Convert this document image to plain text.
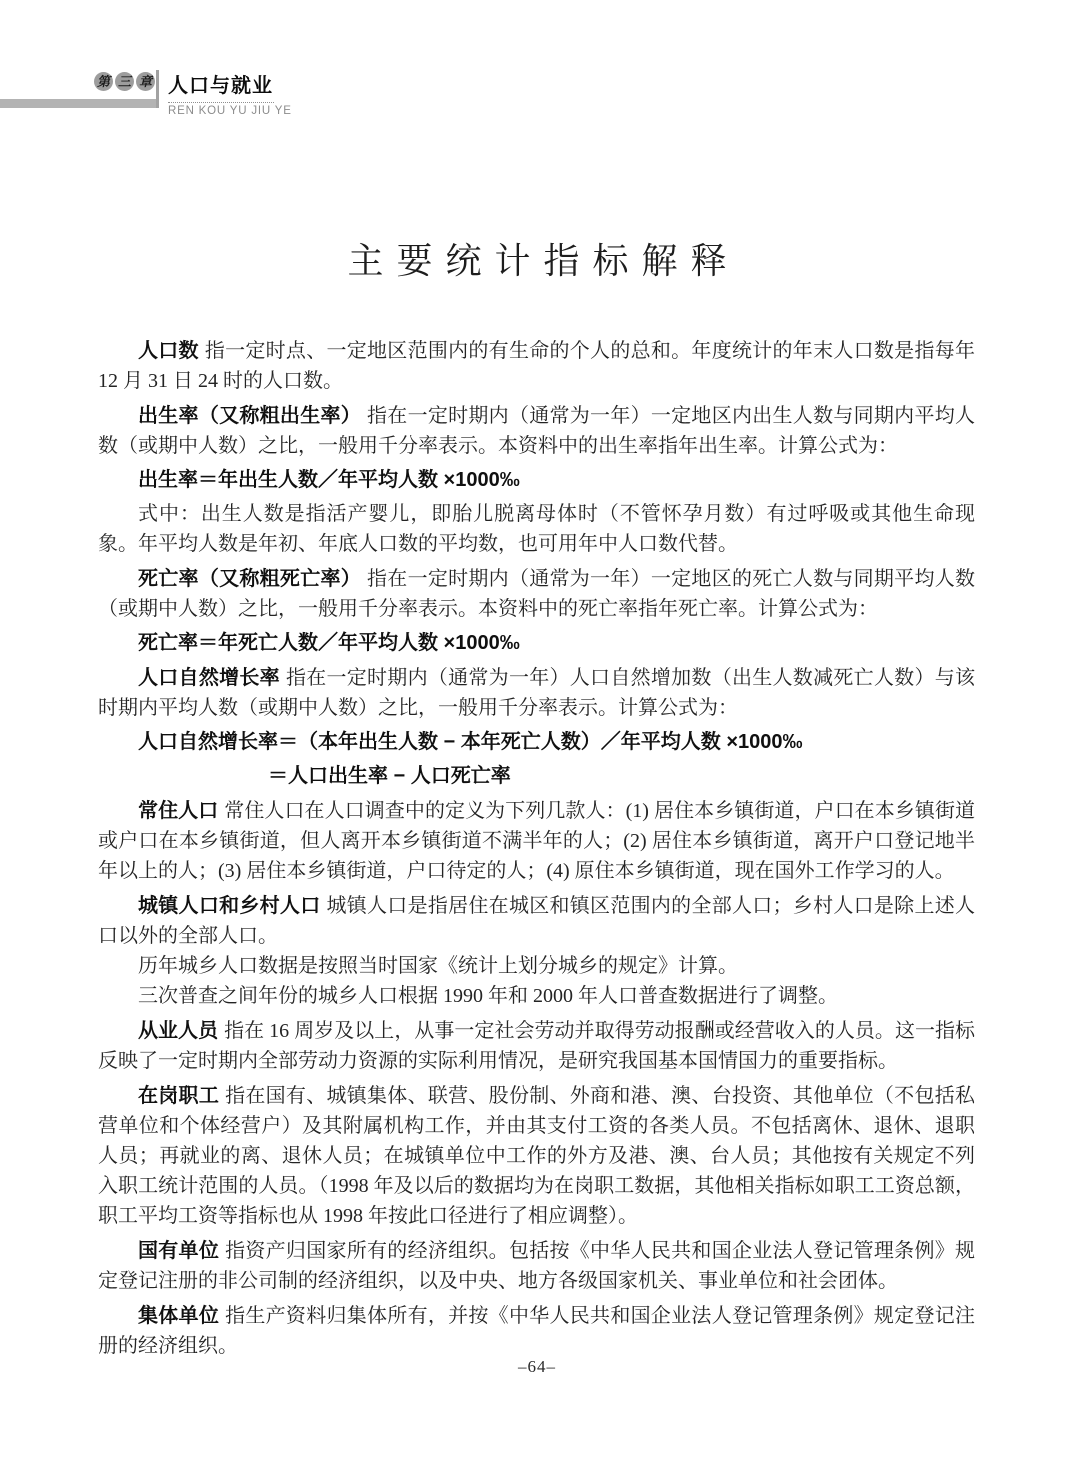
第 三 章 人口与就业
REN KOU YU JIU YE
主要统计指标解释

人口数 指一定时点、一定地区范围内的有生命的个人的总和。年度统计的年末人口数是指每年 12 月 31 日 24 时的人口数。

出生率（又称粗出生率） 指在一定时期内（通常为一年）一定地区内出生人数与同期内平均人数（或期中人数）之比，一般用千分率表示。本资料中的出生率指年出生率。计算公式为：

出生率＝年出生人数／年平均人数 ×1000‰

式中：出生人数是指活产婴儿，即胎儿脱离母体时（不管怀孕月数）有过呼吸或其他生命现象。年平均人数是年初、年底人口数的平均数，也可用年中人口数代替。

死亡率（又称粗死亡率） 指在一定时期内（通常为一年）一定地区的死亡人数与同期平均人数（或期中人数）之比，一般用千分率表示。本资料中的死亡率指年死亡率。计算公式为：

死亡率＝年死亡人数／年平均人数 ×1000‰

人口自然增长率 指在一定时期内（通常为一年）人口自然增加数（出生人数减死亡人数）与该时期内平均人数（或期中人数）之比，一般用千分率表示。计算公式为：

人口自然增长率＝（本年出生人数 − 本年死亡人数）／年平均人数 ×1000‰

＝人口出生率 − 人口死亡率

常住人口 常住人口在人口调查中的定义为下列几款人：(1) 居住本乡镇街道，户口在本乡镇街道或户口在本乡镇街道，但人离开本乡镇街道不满半年的人；(2) 居住本乡镇街道，离开户口登记地半年以上的人；(3) 居住本乡镇街道，户口待定的人；(4) 原住本乡镇街道，现在国外工作学习的人。

城镇人口和乡村人口 城镇人口是指居住在城区和镇区范围内的全部人口；乡村人口是除上述人口以外的全部人口。

历年城乡人口数据是按照当时国家《统计上划分城乡的规定》计算。

三次普查之间年份的城乡人口根据 1990 年和 2000 年人口普查数据进行了调整。

从业人员 指在 16 周岁及以上，从事一定社会劳动并取得劳动报酬或经营收入的人员。这一指标反映了一定时期内全部劳动力资源的实际利用情况，是研究我国基本国情国力的重要指标。

在岗职工 指在国有、城镇集体、联营、股份制、外商和港、澳、台投资、其他单位（不包括私营单位和个体经营户）及其附属机构工作，并由其支付工资的各类人员。不包括离休、退休、退职人员；再就业的离、退休人员；在城镇单位中工作的外方及港、澳、台人员；其他按有关规定不列入职工统计范围的人员。（1998 年及以后的数据均为在岗职工数据，其他相关指标如职工工资总额，职工平均工资等指标也从 1998 年按此口径进行了相应调整）。

国有单位 指资产归国家所有的经济组织。包括按《中华人民共和国企业法人登记管理条例》规定登记注册的非公司制的经济组织，以及中央、地方各级国家机关、事业单位和社会团体。

集体单位 指生产资料归集体所有，并按《中华人民共和国企业法人登记管理条例》规定登记注册的经济组织。

–64–
